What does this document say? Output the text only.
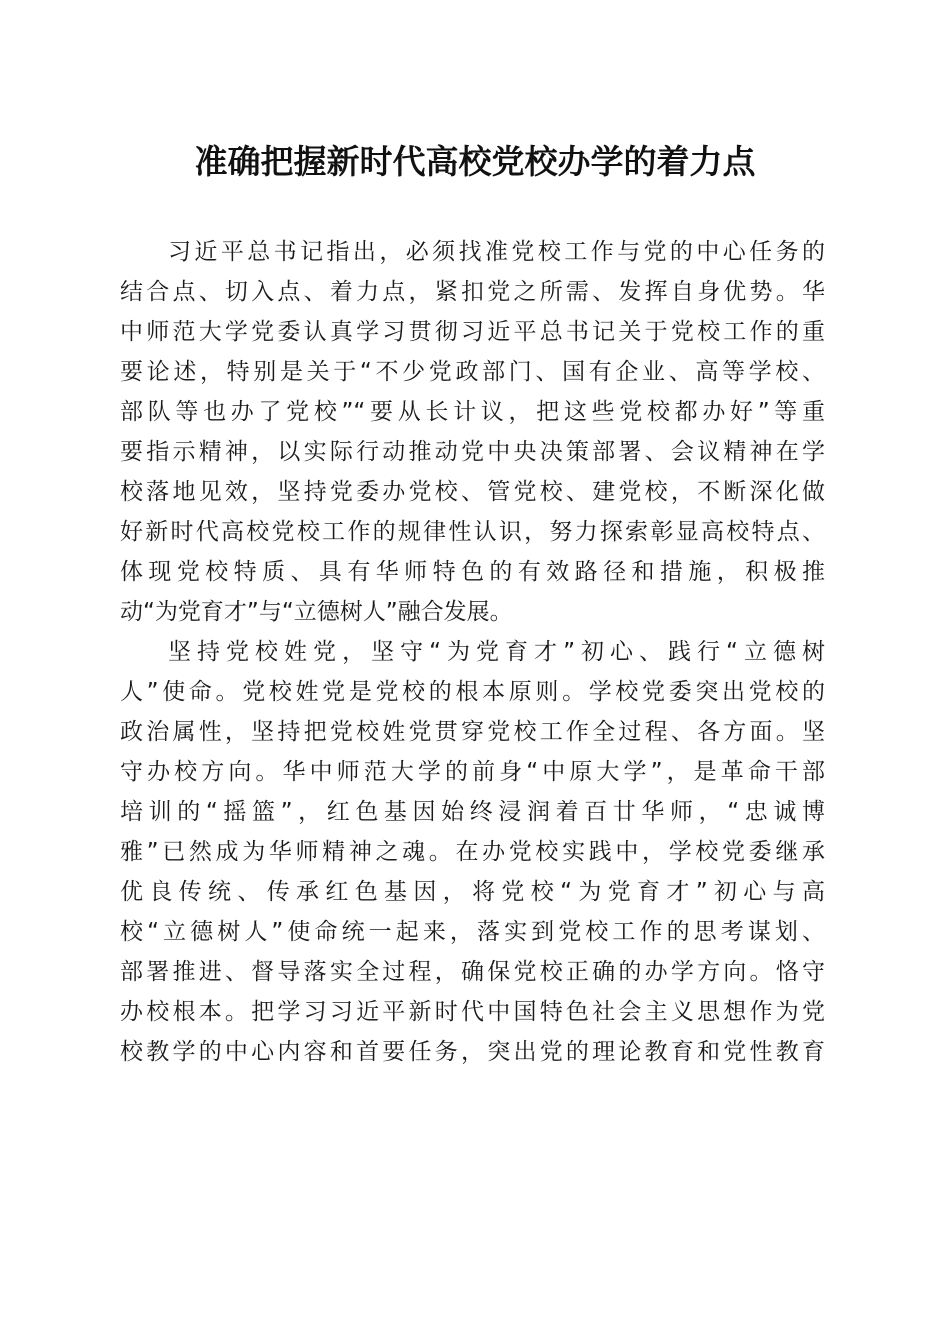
准确把握新时代高校党校办学的着力点
习近平总书记指出，必须找准党校工作与党的中心任务的
结合点、切入点、着力点，紧扣党之所需、发挥自身优势。华
中师范大学党委认真学习贯彻习近平总书记关于党校工作的重
要论述，特别是关于“不少党政部门、国有企业、高等学校、
部队等也办了党校”“要从长计议，把这些党校都办好”等重
要指示精神，以实际行动推动党中央决策部署、会议精神在学
校落地见效，坚持党委办党校、管党校、建党校，不断深化做
好新时代高校党校工作的规律性认识，努力探索彰显高校特点、
体现党校特质、具有华师特色的有效路径和措施，积极推
动“为党育才”与“立德树人”融合发展。
坚持党校姓党，坚守“为党育才”初心、践行“立德树
人”使命。党校姓党是党校的根本原则。学校党委突出党校的
政治属性，坚持把党校姓党贯穿党校工作全过程、各方面。坚
守办校方向。华中师范大学的前身“中原大学”，是革命干部
培训的“摇篮”，红色基因始终浸润着百廿华师，“忠诚博
雅”已然成为华师精神之魂。在办党校实践中，学校党委继承
优良传统、传承红色基因，将党校“为党育才”初心与高
校“立德树人”使命统一起来，落实到党校工作的思考谋划、
部署推进、督导落实全过程，确保党校正确的办学方向。恪守
办校根本。把学习习近平新时代中国特色社会主义思想作为党
校教学的中心内容和首要任务，突出党的理论教育和党性教育
